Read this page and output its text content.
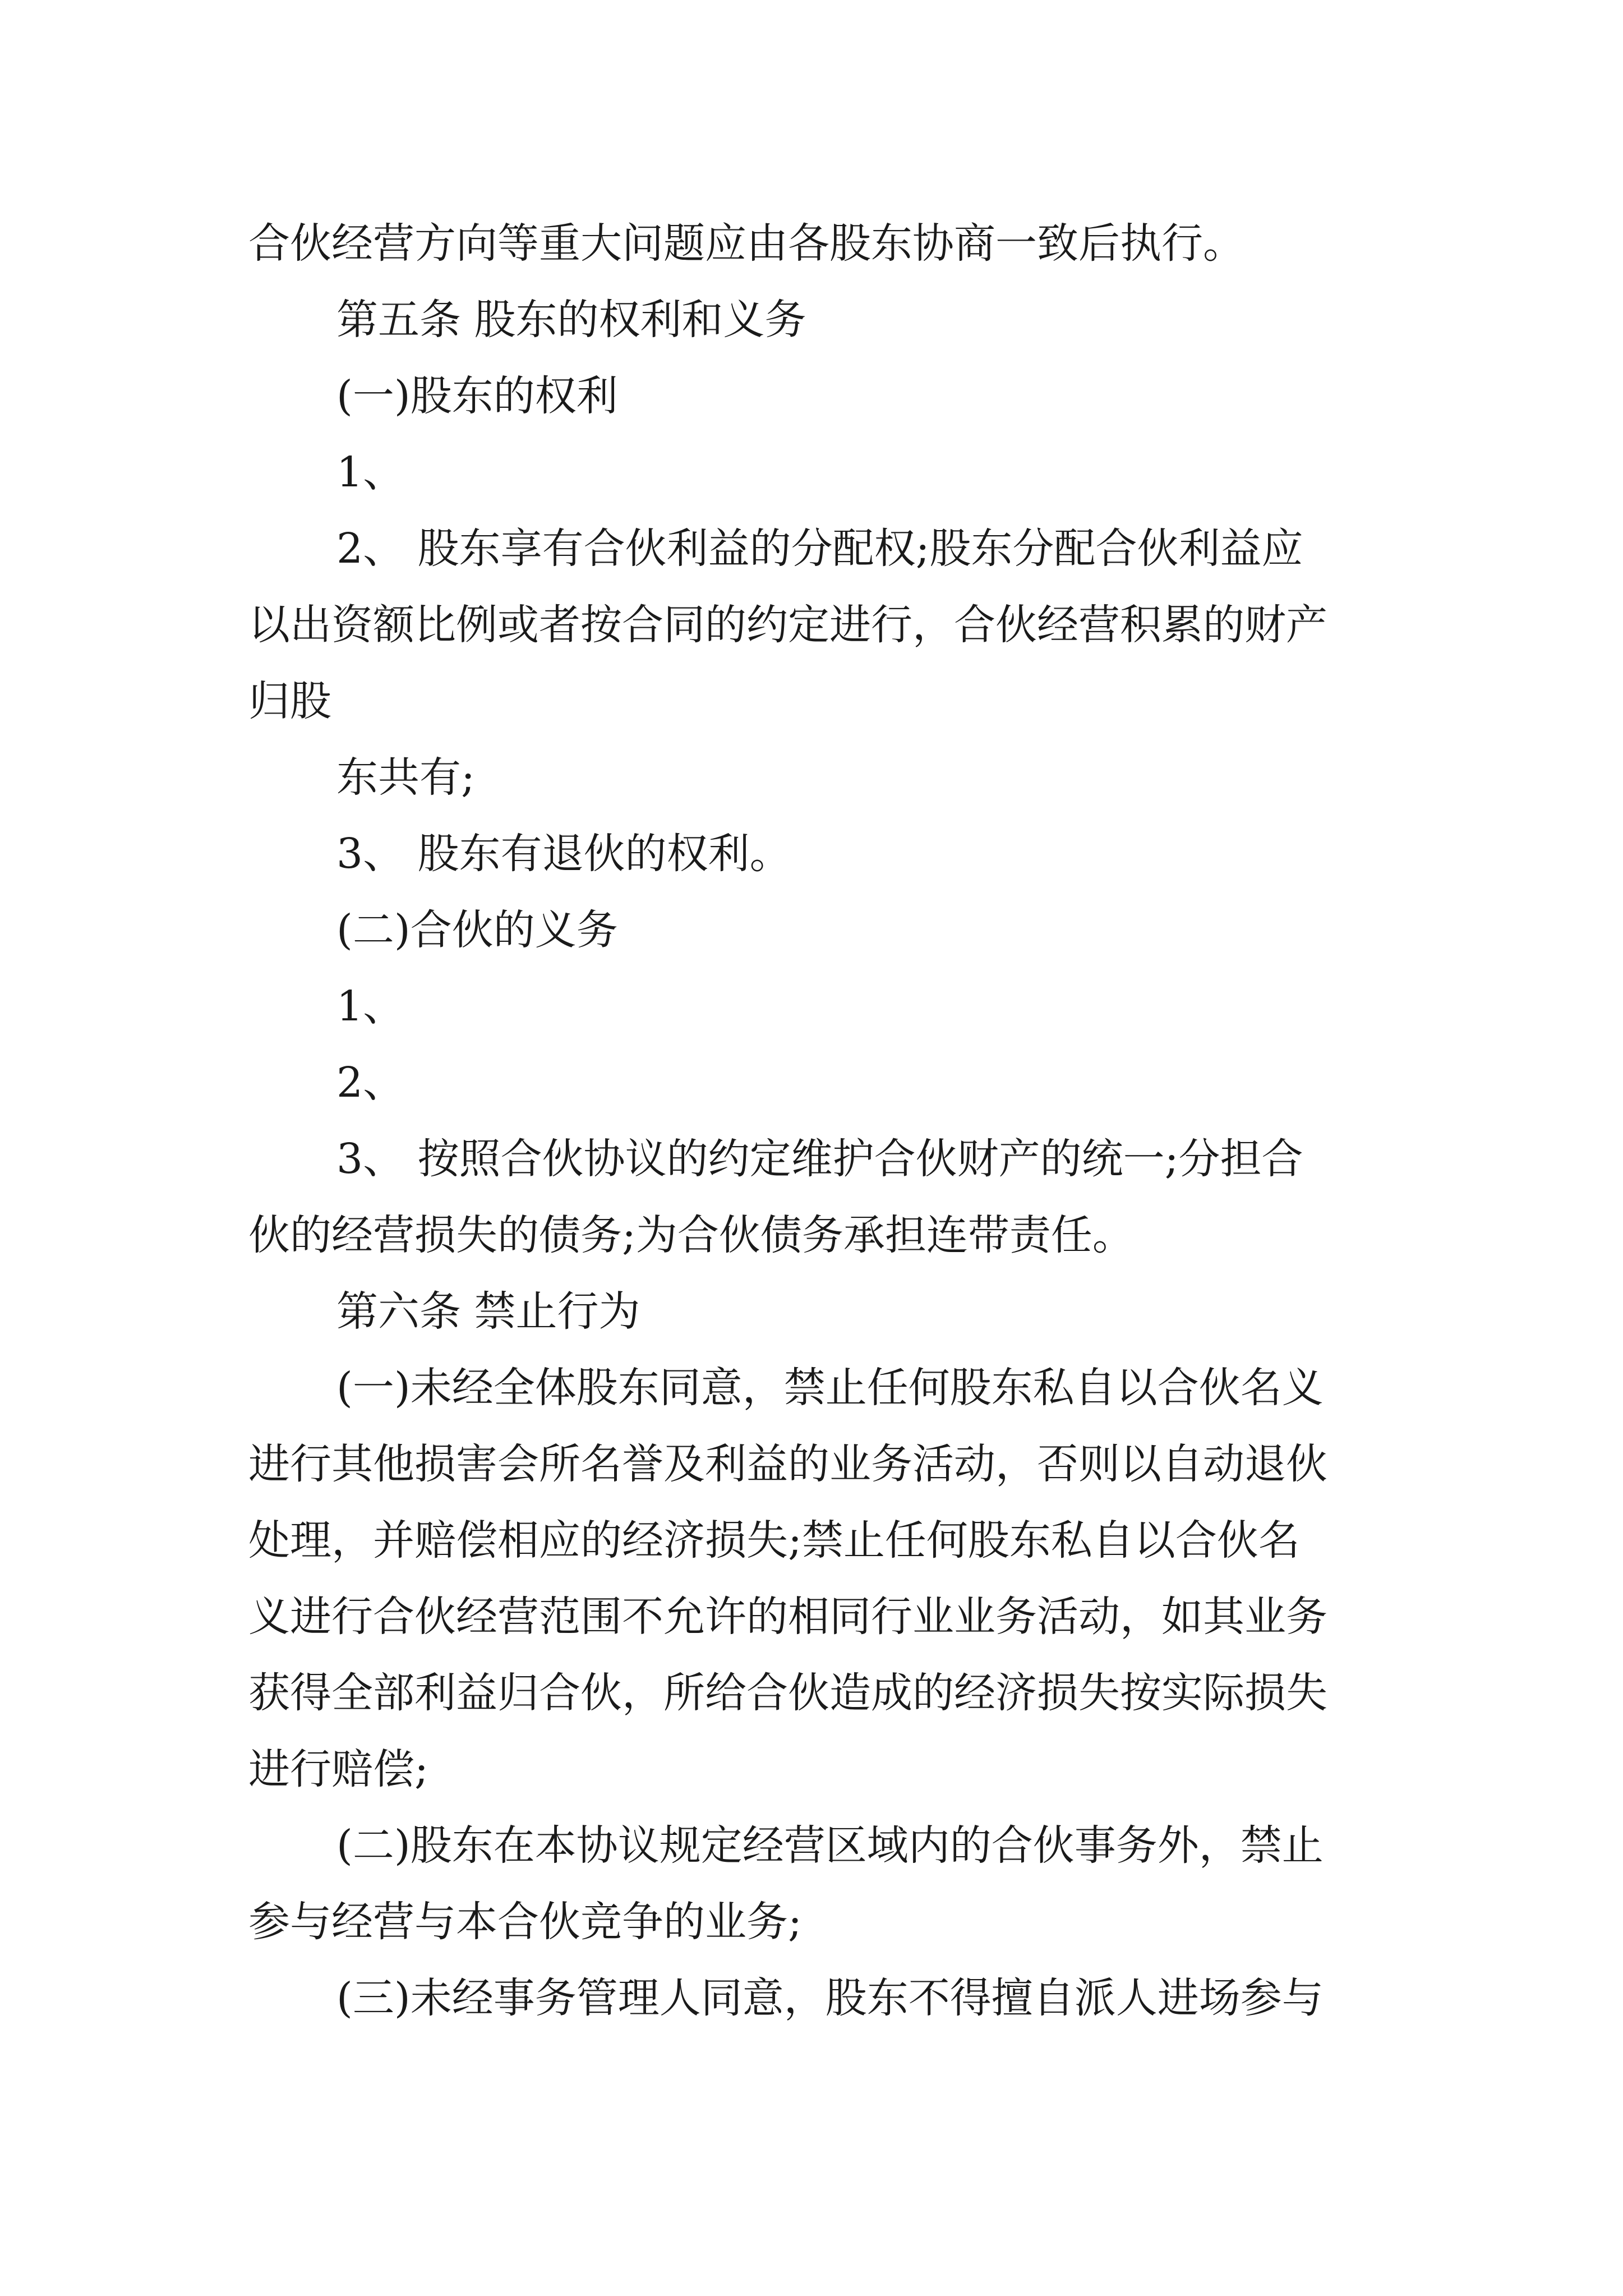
合伙经营方向等重大问题应由各股东协商一致后执行。
第五条 股东的权利和义务
(一)股东的权利
1、
2、 股东享有合伙利益的分配权;股东分配合伙利益应
以出资额比例或者按合同的约定进行，合伙经营积累的财产
归股
东共有;
3、 股东有退伙的权利。
(二)合伙的义务
1、
2、
3、 按照合伙协议的约定维护合伙财产的统一;分担合
伙的经营损失的债务;为合伙债务承担连带责任。
第六条 禁止行为
(一)未经全体股东同意，禁止任何股东私自以合伙名义
进行其他损害会所名誉及利益的业务活动，否则以自动退伙
处理，并赔偿相应的经济损失;禁止任何股东私自以合伙名
义进行合伙经营范围不允许的相同行业业务活动，如其业务
获得全部利益归合伙，所给合伙造成的经济损失按实际损失
进行赔偿;
(二)股东在本协议规定经营区域内的合伙事务外，禁止
参与经营与本合伙竞争的业务;
(三)未经事务管理人同意，股东不得擅自派人进场参与
